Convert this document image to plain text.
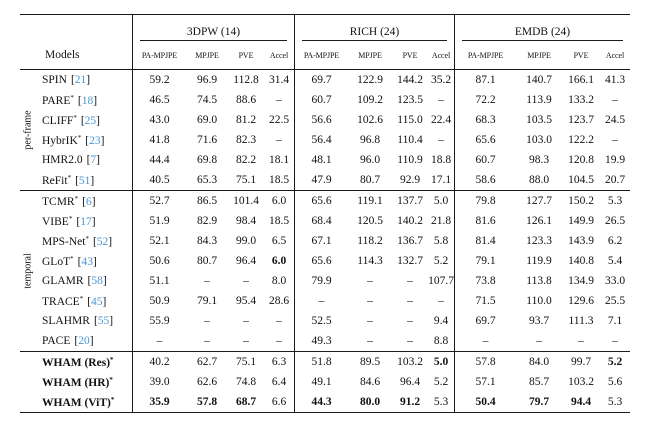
3DPW (14)	RICH (24)	EMDB (24)
Models	PA-MPJPE	MPJPE	PVE	Accel	PA-MPJPE	MPJPE	PVE	Accel	PA-MPJPE	MPJPE	PVE	Accel
per-frame
SPIN [21]	59.2	96.9	112.8 31.4	69.7	122.9	144.2 35.2	87.1	140.7	166.1 41.3
PARE* [18]	46.5	74.5	88.6	–	60.7	109.2	123.5	–	72.2	113.9	133.2	–
CLIFF* [25]	43.0	69.0	81.2	22.5	56.6	102.6	115.0 22.4	68.3	103.5	123.7 24.5
HybrIK* [23]	41.8	71.6	82.3	–	56.4	96.8	110.4	–	65.6	103.0	122.2	–
HMR2.0 [7]	44.4	69.8	82.2	18.1	48.1	96.0	110.9 18.8	60.7	98.3	120.8 19.9
ReFit* [51]	40.5	65.3	75.1	18.5	47.9	80.7	92.9 17.1	58.6	88.0	104.5 20.7
temporal
TCMR* [6]	52.7	86.5	101.4	6.0	65.6	119.1	137.7 5.0	79.8	127.7	150.2	5.3
VIBE* [17]	51.9	82.9	98.4	18.5	68.4	120.5	140.2 21.8	81.6	126.1	149.9 26.5
MPS-Net* [52]	52.1	84.3	99.0	6.5	67.1	118.2	136.7 5.8	81.4	123.3	143.9	6.2
GLoT* [43]	50.6	80.7	96.4	6.0	65.6	114.3	132.7 5.2	79.1	119.9	140.8	5.4
GLAMR [58]	51.1	–	–	8.0	79.9	–	–	107.7	73.8	113.8	134.9 33.0
TRACE* [45]	50.9	79.1	95.4	28.6	–	–	–	–	71.5	110.0	129.6 25.5
SLAHMR [55]	55.9	–	–	–	52.5	–	–	9.4	69.7	93.7	111.3	7.1
PACE [20]	–	–	–	–	49.3	–	–	8.8	–	–	–	–
WHAM (Res)*	40.2	62.7	75.1	6.3	51.8	89.5	103.2 5.0	57.8	84.0	99.7	5.2
WHAM (HR)*	39.0	62.6	74.8	6.4	49.1	84.6	96.4	5.2	57.1	85.7	103.2	5.6
WHAM (ViT)*	35.9	57.8	68.7	6.6	44.3	80.0	91.2	5.3	50.4	79.7	94.4	5.3
